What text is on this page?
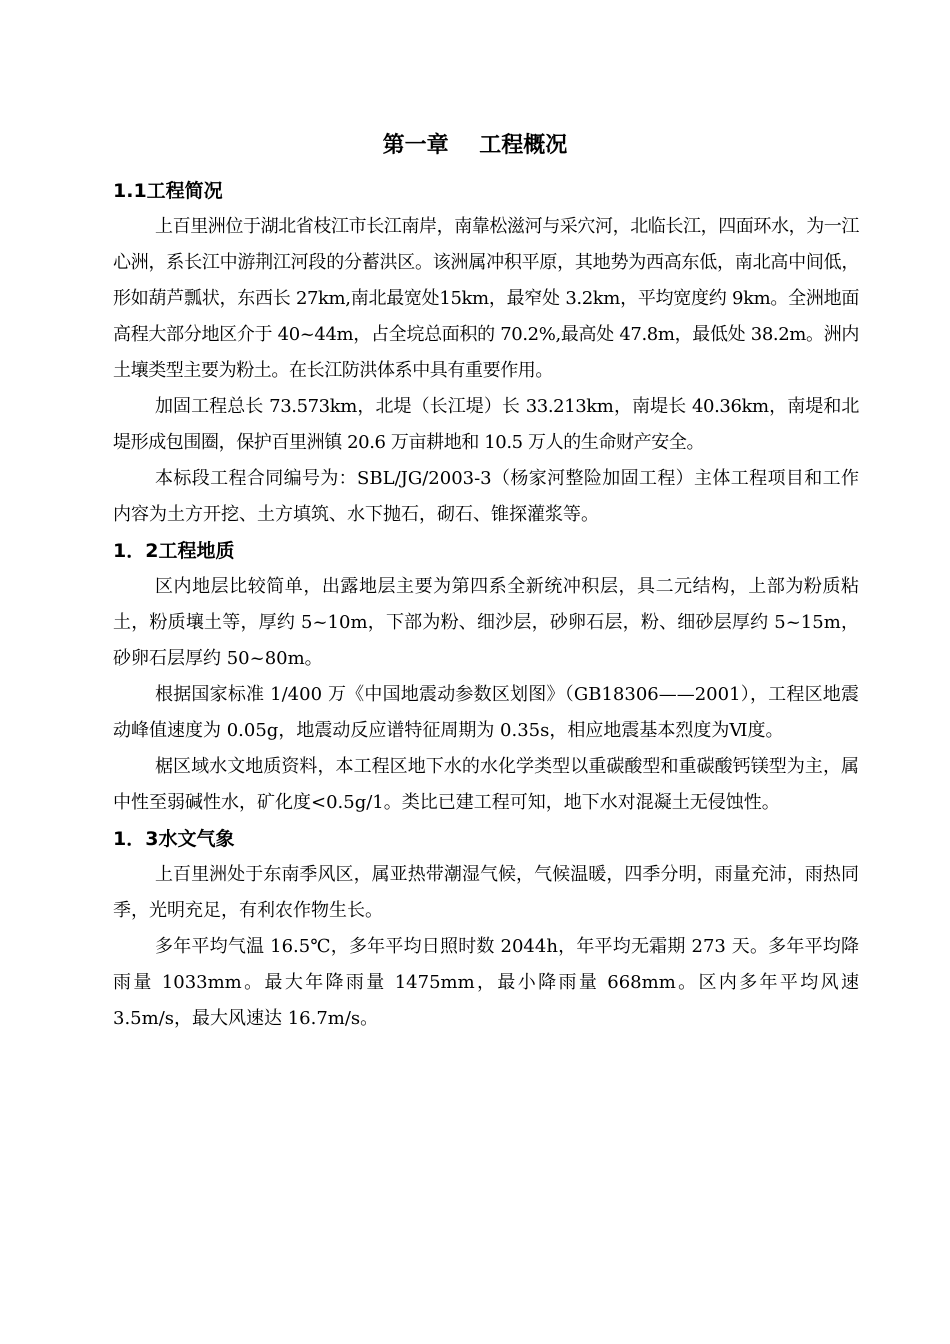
第一章    工程概况
1.1工程简况

上百里洲位于湖北省枝江市长江南岸，南靠松滋河与采穴河，北临长江，四面环水，为一江心洲，系长江中游荆江河段的分蓄洪区。该洲属冲积平原，其地势为西高东低，南北高中间低，形如葫芦瓢状，东西长 27km,南北最宽处15km，最窄处 3.2km，平均宽度约 9km。全洲地面高程大部分地区介于 40~44m，占全垸总面积的 70.2%,最高处 47.8m，最低处 38.2m。洲内土壤类型主要为粉土。在长江防洪体系中具有重要作用。

加固工程总长 73.573km，北堤（长江堤）长 33.213km，南堤长 40.36km，南堤和北堤形成包围圈，保护百里洲镇 20.6 万亩耕地和 10.5 万人的生命财产安全。

本标段工程合同编号为：SBL/JG/2003-3（杨家河整险加固工程）主体工程项目和工作内容为土方开挖、土方填筑、水下抛石，砌石、锥探灌浆等。

1．2工程地质

区内地层比较简单，出露地层主要为第四系全新统冲积层，具二元结构，上部为粉质粘土，粉质壤土等，厚约 5~10m，下部为粉、细沙层，砂卵石层，粉、细砂层厚约 5~15m，砂卵石层厚约 50~80m。

根据国家标准 1/400 万《中国地震动参数区划图》（GB18306——2001），工程区地震动峰值速度为 0.05g，地震动反应谱特征周期为 0.35s，相应地震基本烈度为Ⅵ度。

椐区域水文地质资料，本工程区地下水的水化学类型以重碳酸型和重碳酸钙镁型为主，属中性至弱碱性水，矿化度<0.5g/1。类比已建工程可知，地下水对混凝土无侵蚀性。

1．3水文气象

上百里洲处于东南季风区，属亚热带潮湿气候，气候温暖，四季分明，雨量充沛，雨热同季，光明充足，有利农作物生长。

多年平均气温 16.5℃，多年平均日照时数 2044h，年平均无霜期 273 天。多年平均降雨量 1033mm。最大年降雨量 1475mm，最小降雨量 668mm。区内多年平均风速 3.5m/s，最大风速达 16.7m/s。
